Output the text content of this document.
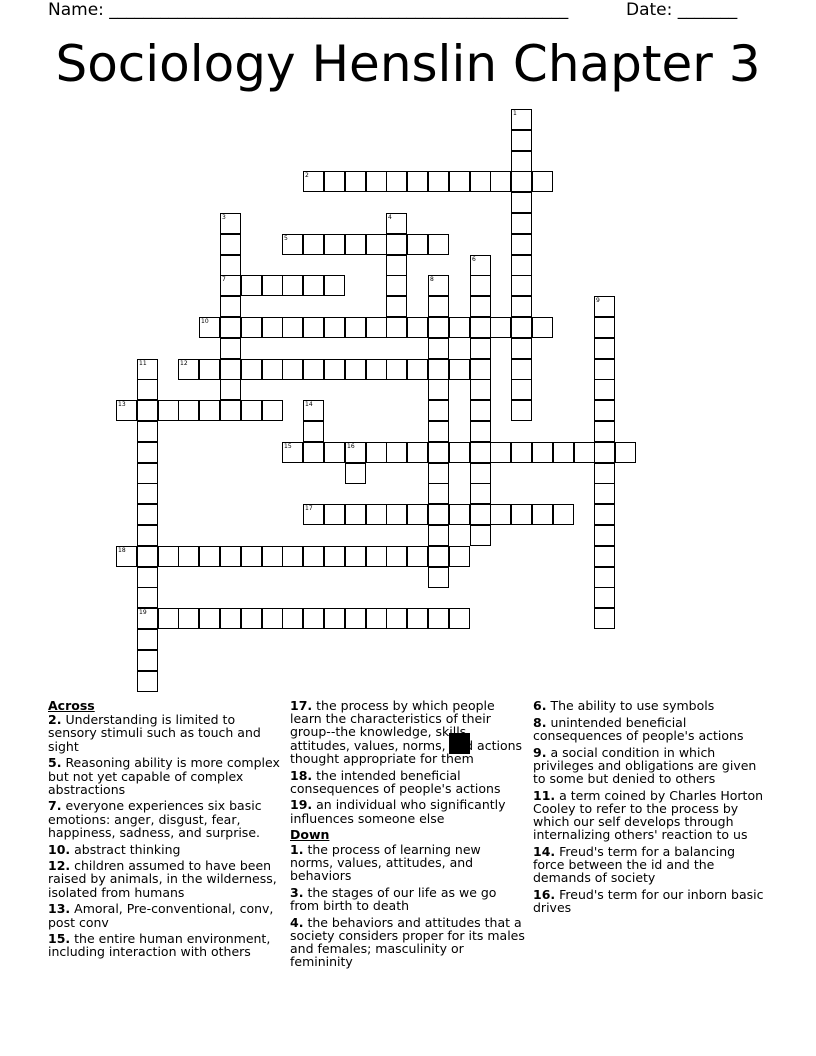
Name: ______________________________________________________	Date: _______
Sociology Henslin Chapter 3
1
2
3
7
4
5
6
8
9
10
11
19
12
13	14
15	16
17
18
Across
2. Understanding is limited to sensory stimuli such as touch and sight
5. Reasoning ability is more complex but not yet capable of complex abstractions
7. everyone experiences six basic emotions: anger, disgust, fear, happiness, sadness, and surprise.
10. abstract thinking
12. children assumed to have been raised by animals, in the wilderness, isolated from humans
13. Amoral, Pre-conventional, conv, post conv
15. the entire human environment, including interaction with others
17. the process by which people learn the characteristics of their group--the knowledge, skills, attitudes, values, norms, and actions thought appropriate for them
18. the intended beneficial consequences of people's actions
19. an individual who significantly influences someone else
Down
1. the process of learning new norms, values, attitudes, and behaviors
3. the stages of our life as we go from birth to death
4. the behaviors and attitudes that a society considers proper for its males and females; masculinity or femininity
6. The ability to use symbols
8. unintended beneficial consequences of people's actions
9. a social condition in which privileges and obligations are given to some but denied to others
11. a term coined by Charles Horton Cooley to refer to the process by which our self develops through internalizing others' reaction to us
14. Freud's term for a balancing force between the id and the demands of society
16. Freud's term for our inborn basic drives
